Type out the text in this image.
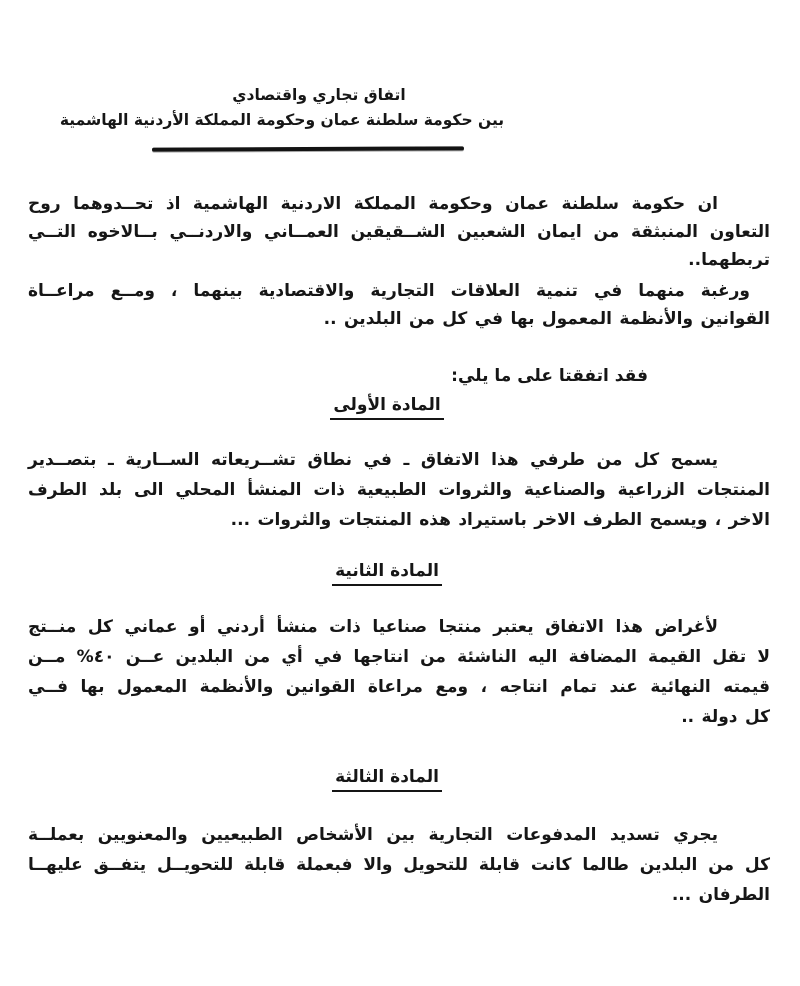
اتفاق تجاري واقتصادي
بين حكومة سلطنة عمان وحكومة المملكة الأردنية الهاشمية
ان حكومة سلطنة عمان وحكومة المملكة الاردنية الهاشمية اذ تحــدوهما روح
التعاون المنبثقة من ايمان الشعبين الشــقيقين العمــاني والاردنــي بــالاخوه التــي
تربطهما..
ورغبة منهما في تنمية العلاقات التجارية والاقتصادية بينهما ، ومــع مراعــاة
القوانين والأنظمة المعمول بها في كل من البلدين ..

فقد اتفقتا على ما يلي:

المادة الأولى
يسمح كل من طرفي هذا الاتفاق ـ في نطاق تشــريعاته الســارية ـ بتصــدير
المنتجات الزراعية والصناعية والثروات الطبيعية ذات المنشأ المحلي الى بلد الطرف
الاخر ، ويسمح الطرف الاخر باستيراد هذه المنتجات والثروات ...
المادة الثانية
لأغراض هذا الاتفاق يعتبر منتجا صناعيا ذات منشأ أردني أو عماني كل منــتج
لا تقل القيمة المضافة اليه الناشئة من انتاجها في أي من البلدين عــن ٤٠% مــن
قيمته النهائية عند تمام انتاجه ، ومع مراعاة القوانين والأنظمة المعمول بها فــي
كل دولة ..
المادة الثالثة
يجري تسديد المدفوعات التجارية بين الأشخاص الطبيعيين والمعنويين بعملــة
كل من البلدين طالما كانت قابلة للتحويل والا فبعملة قابلة للتحويــل يتفــق عليهــا
الطرفان ...
